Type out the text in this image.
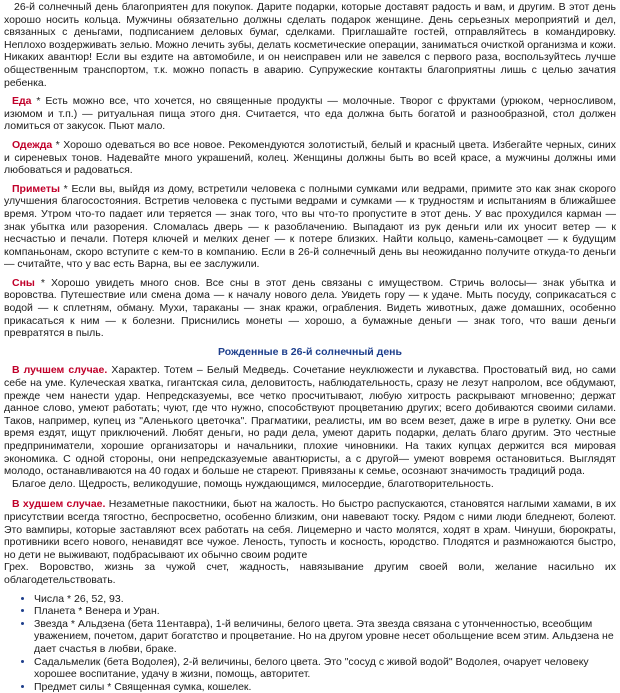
26-й солнечный день благоприятен для покупок. Дарите подарки, которые доставят радость и вам, и другим. В этот день хорошо носить кольца. Мужчины обязательно должны сделать подарок женщине. День серьезных мероприятий и дел, связанных с деньгами, подписанием деловых бумаг, сделками. Приглашайте гостей, отправляйтесь в командировку. Неплохо воздерживать зелью. Можно лечить зубы, делать косметические операции, заниматься очисткой организма и кожи. Никаких авантюр! Если вы ездите на автомобиле, и он неисправен или не завелся с первого раза, воспользуйтесь лучше общественным транспортом, т.к. можно попасть в аварию. Супружеские контакты благоприятны лишь с целью зачатия ребенка.

Еда * Есть можно все, что хочется, но священные продукты — молочные. Творог с фруктами (урюком, черносливом, изюмом и т.п.) — ритуальная пища этого дня. Считается, что еда должна быть богатой и разнообразной, стол должен ломиться от закусок. Пьют мало.

Одежда * Хорошо одеваться во все новое. Рекомендуются золотистый, белый и красный цвета. Избегайте черных, синих и сиреневых тонов. Надевайте много украшений, колец. Женщины должны быть во всей красе, а мужчины должны ими любоваться и радоваться.

Приметы * Если вы, выйдя из дому, встретили человека с полными сумками или ведрами, примите это как знак скорого улучшения благосостояния. Встретив человека с пустыми ведрами и сумками — к трудностям и испытаниям в ближайшее время. Утром что-то падает или теряется — знак того, что вы что-то пропустите в этот день. У вас прохудился карман — знак убытка или разорения. Сломалась дверь — к разоблачению. Выпадают из рук деньги или их уносит ветер — к несчастью и печали. Потеря ключей и мелких денег — к потере близких. Найти кольцо, камень-самоцвет — к будущим компаньонам, скоро вступите с кем-то в компанию. Если в 26-й солнечный день вы неожиданно получите откуда-то деньги — считайте, что у вас есть Варна, вы ее заслужили.

Сны * Хорошо увидеть много снов. Все сны в этот день связаны с имуществом. Стричь волосы— знак убытка и воровства. Путешествие или смена дома — к началу нового дела. Увидеть гору — к удаче. Мыть посуду, соприкасаться с водой — к сплетням, обману. Мухи, тараканы — знак кражи, ограбления. Видеть животных, даже домашних, особенно прикасаться к ним — к болезни. Приснились монеты — хорошо, а бумажные деньги — знак того, что ваши деньги превратятся в пыль.

Рожденные в 26-й солнечный день

В лучшем случае. Характер. Тотем – Белый Медведь. Сочетание неуклюжести и лукавства. Простоватый вид, но сами себе на уме. Кулеческая хватка, гигантская сила, деловитость, наблюдательность, сразу не лезут напролом, все обдумают, прежде чем нанести удар. Непредсказуемы, все четко просчитывают, любую хитрость раскрывают мгновенно; держат данное слово, умеют работать; чуют, где что нужно, способствуют процветанию других; всего добиваются своими силами. Таков, например, купец из "Аленького цветочка". Прагматики, реалисты, им во всем везет, даже в игре в рулетку. Они все время ездят, ищут приключений. Любят деньги, но ради дела, умеют дарить подарки, делать благо другим. Это честные предприниматели, хорошие организаторы и начальники, плохие чиновники. На таких купцах держится вся мировая экономика. С одной стороны, они непредсказуемые авантюристы, а с другой— умеют вовремя остановиться. Выглядят молодо, останавливаются на 40 годах и больше не стареют. Привязаны к семье, осознают значимость традиций рода.

Благое дело. Щедрость, великодушие, помощь нуждающимся, милосердие, благотворительность.

В худшем случае. Незаметные пакостники, бьют на жалость. Но быстро распускаются, становятся наглыми хамами, в их присутствии всегда тягостно, беспросветно, особенно близким, они навевают тоску. Рядом с ними люди бледнеют, болеют. Это вампиры, которые заставляют всех работать на себя. Лицемерно и часто молятся, ходят в храм. Чинуши, бюрократы, противники всего нового, ненавидят все чужое. Леность, тупость и косность, юродство. Плодятся и размножаются быстро, но дети не выживают, подбрасывают их обычно своим родите

Грех. Воровство, жизнь за чужой счет, жадность, навязывание другим своей воли, желание насильно их облагодетельствовать.

• Числа * 26, 52, 93.
• Планета * Венера и Уран.
• Звезда * Альдзена (бета 11ентавра), 1-й величины, белого цвета. Эта звезда связана с утонченностью, всеобщим уважением, почетом, дарит богатство и процветание. Но на другом уровне несет обольщение всем этим. Альдзена не дает счастья в любви, браке.
• Садальмелик (бета Водолея), 2-й величины, белого цвета. Это "сосуд с живой водой" Водолея, очарует человеку хорошее воспитание, удачу в жизни, помощь, авторитет.
• Предмет силы * Священная сумка, кошелек.
